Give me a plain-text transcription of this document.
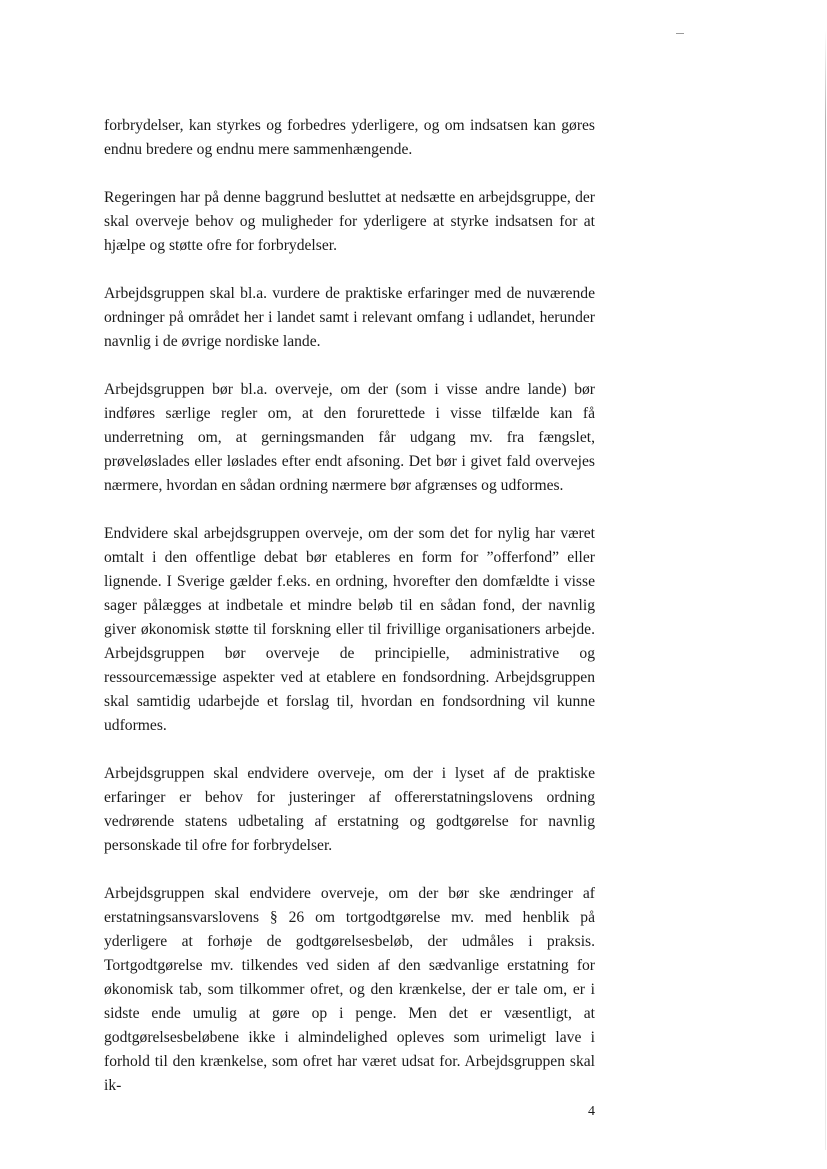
forbrydelser, kan styrkes og forbedres yderligere, og om indsatsen kan gøres endnu bredere og endnu mere sammenhængende.

Regeringen har på denne baggrund besluttet at nedsætte en arbejdsgruppe, der skal overveje behov og muligheder for yderligere at styrke indsatsen for at hjælpe og støtte ofre for forbrydelser.

Arbejdsgruppen skal bl.a. vurdere de praktiske erfaringer med de nuværende ordninger på området her i landet samt i relevant omfang i udlandet, herunder navnlig i de øvrige nordiske lande.

Arbejdsgruppen bør bl.a. overveje, om der (som i visse andre lande) bør indføres særlige regler om, at den forurettede i visse tilfælde kan få underretning om, at gerningsmanden får udgang mv. fra fængslet, prøveløslades eller løslades efter endt afsoning. Det bør i givet fald overvejes nærmere, hvordan en sådan ordning nærmere bør afgrænses og udformes.

Endvidere skal arbejdsgruppen overveje, om der som det for nylig har været omtalt i den offentlige debat bør etableres en form for ”offerfond” eller lignende. I Sverige gælder f.eks. en ordning, hvorefter den domfældte i visse sager pålægges at indbetale et mindre beløb til en sådan fond, der navnlig giver økonomisk støtte til forskning eller til frivillige organisationers arbejde. Arbejdsgruppen bør overveje de principielle, administrative og ressourcemæssige aspekter ved at etablere en fondsordning. Arbejdsgruppen skal samtidig udarbejde et forslag til, hvordan en fondsordning vil kunne udformes.

Arbejdsgruppen skal endvidere overveje, om der i lyset af de praktiske erfaringer er behov for justeringer af offererstatningslovens ordning vedrørende statens udbetaling af erstatning og godtgørelse for navnlig personskade til ofre for forbrydelser.

Arbejdsgruppen skal endvidere overveje, om der bør ske ændringer af erstatningsansvarslovens § 26 om tortgodtgørelse mv. med henblik på yderligere at forhøje de godtgørelsesbeløb, der udmåles i praksis. Tortgodtgørelse mv. tilkendes ved siden af den sædvanlige erstatning for økonomisk tab, som tilkommer ofret, og den krænkelse, der er tale om, er i sidste ende umulig at gøre op i penge. Men det er væsentligt, at godtgørelsesbeløbene ikke i almindelighed opleves som urimeligt lave i forhold til den krænkelse, som ofret har været udsat for. Arbejdsgruppen skal ik-

4
